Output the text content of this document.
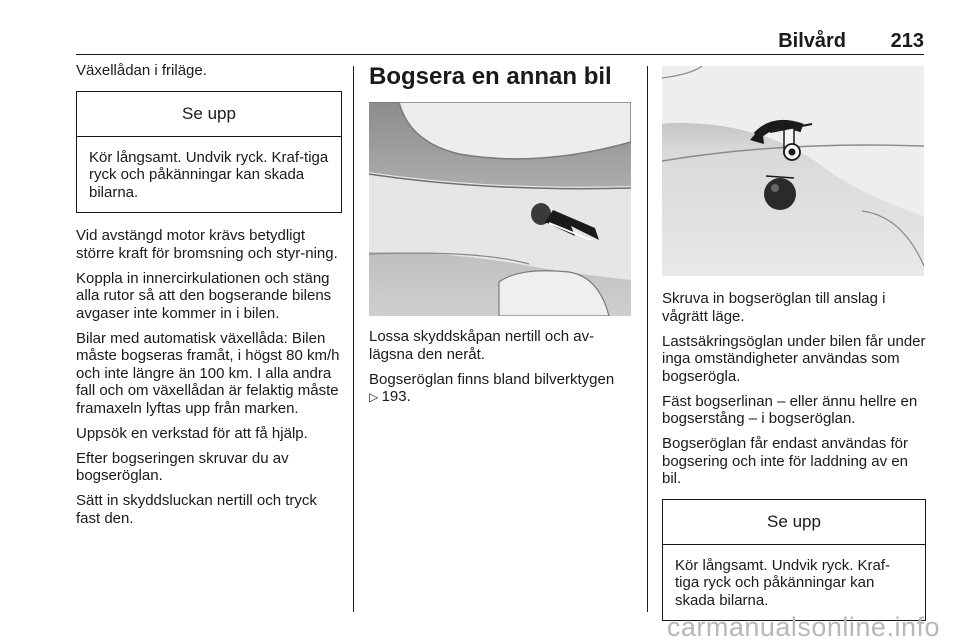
Bilvård	213

Växellådan i friläge.

Se upp
Kör långsamt. Undvik ryck. Kraf-tiga ryck och påkänningar kan skada bilarna.

Vid avstängd motor krävs betydligt större kraft för bromsning och styr-ning.

Koppla in innercirkulationen och stäng alla rutor så att den bogserande bilens avgaser inte kommer in i bilen.

Bilar med automatisk växellåda: Bilen måste bogseras framåt, i högst 80 km/h och inte längre än 100 km. I alla andra fall och om växellådan är felaktig måste framaxeln lyftas upp från marken.

Uppsök en verkstad för att få hjälp.

Efter bogseringen skruvar du av bogseröglan.

Sätt in skyddsluckan nertill och tryck fast den.

Bogsera en annan bil

Lossa skyddskåpan nertill och av-lägsna den neråt.

Bogseröglan finns bland bilverktygen
▷ 193.

Skruva in bogseröglan till anslag i vågrätt läge.

Lastsäkringsöglan under bilen får under inga omständigheter användas som bogserögla.

Fäst bogserlinan – eller ännu hellre en bogserstång – i bogseröglan.

Bogseröglan får endast användas för bogsering och inte för laddning av en bil.

Se upp
Kör långsamt. Undvik ryck. Kraf-tiga ryck och påkänningar kan skada bilarna.
carmanualsonline.info
